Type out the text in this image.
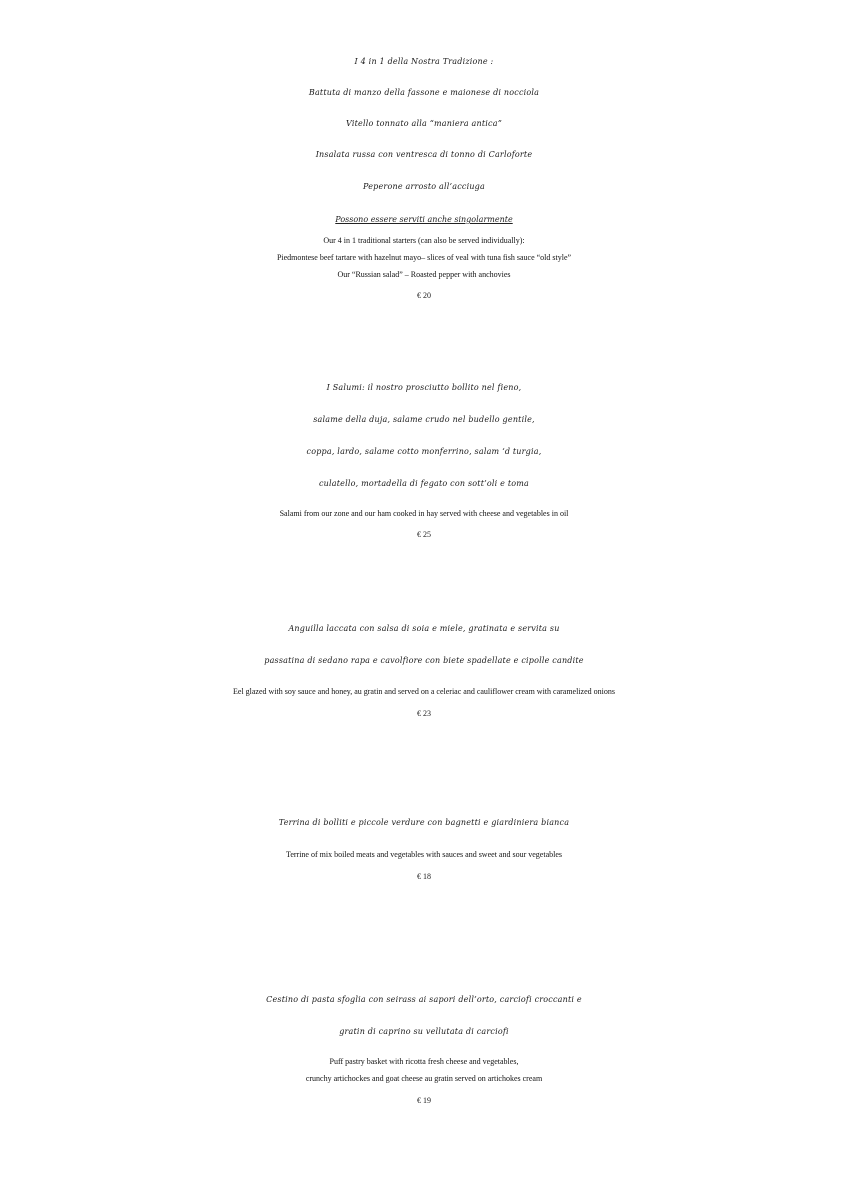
I 4 in 1 della Nostra Tradizione :
Battuta di manzo della fassone e maionese di nocciola
Vitello tonnato alla “maniera antica”
Insalata russa con ventresca di tonno di Carloforte
Peperone arrosto all’acciuga
Possono essere serviti anche singolarmente
Our 4 in 1 traditional starters (can also be served individually):
Piedmontese beef tartare with hazelnut mayo– slices of veal with tuna fish sauce “old style”
Our “Russian salad” – Roasted pepper with anchovies
€ 20
I Salumi: il nostro prosciutto bollito nel fieno,
salame della duja, salame crudo nel budello gentile,
coppa, lardo, salame cotto monferrino, salam ‘d turgia,
culatello, mortadella di fegato con sott’oli e toma
Salami from our zone and our ham cooked in hay served with cheese and vegetables in oil
€ 25
Anguilla laccata con salsa di soia e miele, gratinata e servita su
passatina di sedano rapa e cavolfiore con biete spadellate e cipolle candite
Eel glazed with soy sauce and honey, au gratin and served on a celeriac and cauliflower cream with caramelized onions
€ 23
Terrina di bolliti e piccole verdure con bagnetti e giardiniera bianca
Terrine of mix boiled meats and vegetables with sauces and sweet and sour vegetables
€ 18
Cestino di pasta sfoglia con seirass ai sapori dell’orto, carciofi croccanti e
gratin di caprino su vellutata di carciofi
Puff pastry basket with ricotta fresh cheese and vegetables,
crunchy artichockes and goat cheese au gratin served on artichokes cream
€ 19
